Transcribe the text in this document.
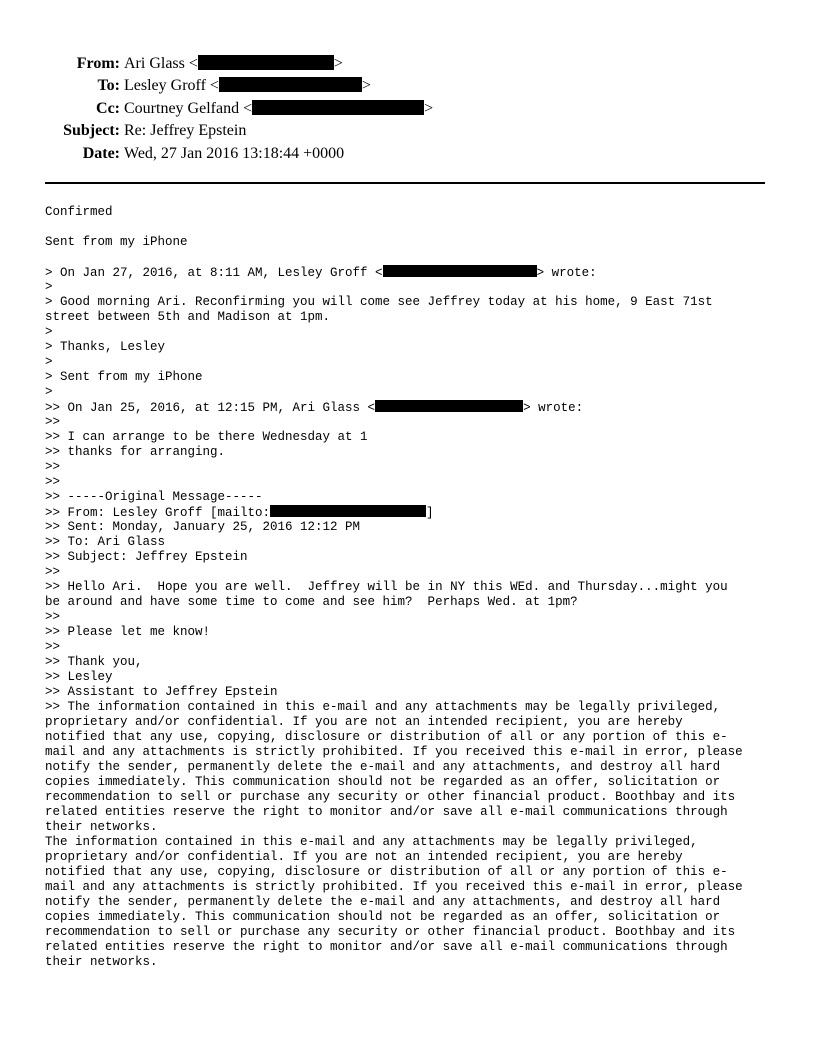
From: Ari Glass <	>
To: Lesley Groff <	>
Cc: Courtney Gelfand <	>
Subject: Re: Jeffrey Epstein
Date: Wed, 27 Jan 2016 13:18:44 +0000
Confirmed
Sent from my iPhone
> On Jan 27, 2016, at 8:11 AM, Lesley Groff <	> wrote:
>
> Good morning Ari. Reconfirming you will come see Jeffrey today at his home, 9 East 71st
street between 5th and Madison at 1pm.
>
> Thanks, Lesley
>
> Sent from my iPhone
>
>> On Jan 25, 2016, at 12:15 PM, Ari Glass <	> wrote:
>>
>> I can arrange to be there Wednesday at 1
>> thanks for arranging.
>>
>>
>> -----Original Message-----
>> From: Lesley Groff [mailto:	]
>> Sent: Monday, January 25, 2016 12:12 PM
>> To: Ari Glass
>> Subject: Jeffrey Epstein
>>
>> Hello Ari.  Hope you are well.  Jeffrey will be in NY this WEd. and Thursday...might you
be around and have some time to come and see him?  Perhaps Wed. at 1pm?
>>
>> Please let me know!
>>
>> Thank you,
>> Lesley
>> Assistant to Jeffrey Epstein
>> The information contained in this e-mail and any attachments may be legally privileged,
proprietary and/or confidential. If you are not an intended recipient, you are hereby
notified that any use, copying, disclosure or distribution of all or any portion of this e-
mail and any attachments is strictly prohibited. If you received this e-mail in error, please
notify the sender, permanently delete the e-mail and any attachments, and destroy all hard
copies immediately. This communication should not be regarded as an offer, solicitation or
recommendation to sell or purchase any security or other financial product. Boothbay and its
related entities reserve the right to monitor and/or save all e-mail communications through
their networks.
The information contained in this e-mail and any attachments may be legally privileged,
proprietary and/or confidential. If you are not an intended recipient, you are hereby
notified that any use, copying, disclosure or distribution of all or any portion of this e-
mail and any attachments is strictly prohibited. If you received this e-mail in error, please
notify the sender, permanently delete the e-mail and any attachments, and destroy all hard
copies immediately. This communication should not be regarded as an offer, solicitation or
recommendation to sell or purchase any security or other financial product. Boothbay and its
related entities reserve the right to monitor and/or save all e-mail communications through
their networks.
